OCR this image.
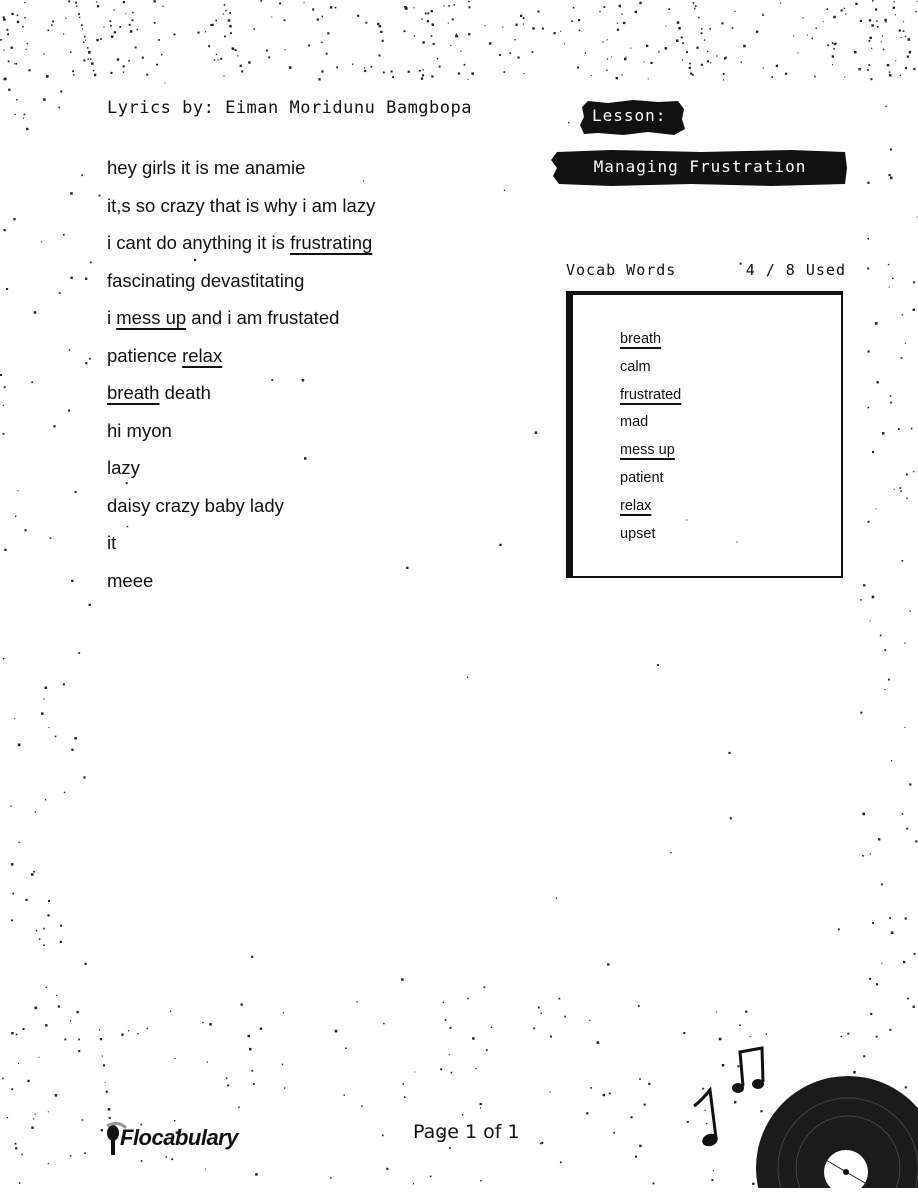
Lyrics by: Eiman Moridunu Bamgbopa
hey girls it is me anamie
it,s so crazy that is why i am lazy
i cant do anything it is frustrating
fascinating devastitating
i mess up and i am frustated
patience relax
breath death
hi myon
lazy
daisy crazy baby lady
it
meee
Lesson:
Managing Frustration
Vocab Words	4 / 8 Used
breath
calm
frustrated
mad
mess up
patient
relax
upset
Flocabulary	Page 1 of 1
